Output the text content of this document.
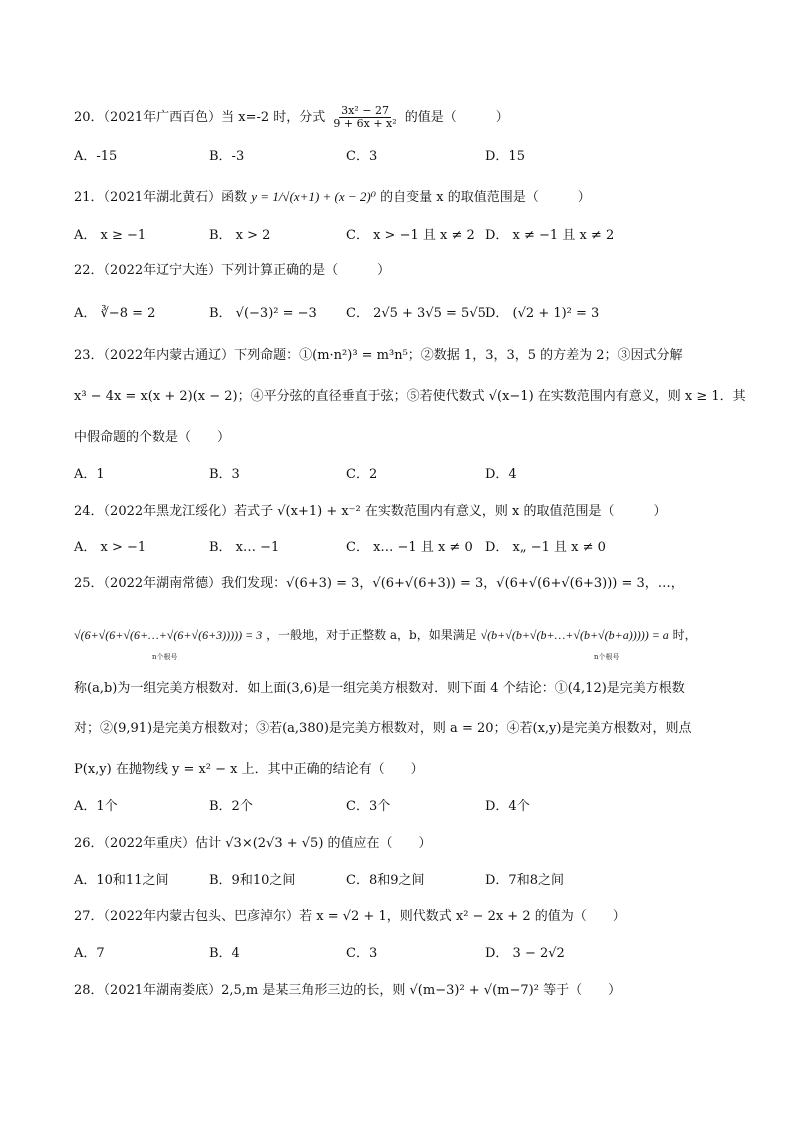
20．（2021年广西百色）当 x=-2 时，分式 $\frac{\text{3x² − 27}}{\text{9 + 6x + x²}}$ 的值是（　　　）
A．-15	B．-3	C．3	D．15
21．（2021年湖北黄石）函数 y = 1/√(x+1) + (x − 2)⁰ 的自变量 x 的取值范围是（　　　）
A． x ≥ −1	B． x > 2	C． x > −1 且 x ≠ 2 D． x ≠ −1 且 x ≠ 2
22．（2022年辽宁大连）下列计算正确的是（　　　）
A． ∛−8 = 2	B． √(−3)² = −3 C． 2√5 + 3√5 = 5√5 D． (√2 + 1)² = 3
23．（2022年内蒙古通辽）下列命题：①(m·n²)³ = m³n⁵；②数据 1，3，3，5 的方差为 2；③因式分解
x³ − 4x = x(x + 2)(x − 2)；④平分弦的直径垂直于弦；⑤若使代数式 √(x−1) 在实数范围内有意义，则 x ≥ 1．其
中假命题的个数是（　　）
A．1	B．3	C．2	D．4
24．（2022年黑龙江绥化）若式子 √(x+1) + x⁻² 在实数范围内有意义，则 x 的取值范围是（　　　）
A． x > −1	B． x… −1	C． x… −1 且 x ≠ 0 D． x„ −1 且 x ≠ 0
25．（2022年湖南常德）我们发现：√(6+3) = 3，√(6+√(6+3)) = 3，√(6+√(6+√(6+3))) = 3，…，
√(6+√(6+√(6+…+√(6+√(6+3))))) = 3 ，一般地，对于正整数 a，b，如果满足 √(b+√(b+√(b+…+√(b+√(b+a))))) = a 时，
n个根号	n个根号
称(a,b)为一组完美方根数对．如上面(3,6)是一组完美方根数对．则下面 4 个结论：①(4,12)是完美方根数
对；②(9,91)是完美方根数对；③若(a,380)是完美方根数对，则 a = 20；④若(x,y)是完美方根数对，则点
P(x,y) 在抛物线 y = x² − x 上．其中正确的结论有（　　）
A．1个	B．2个	C．3个	D．4个
26．（2022年重庆）估计 √3×(2√3 + √5) 的值应在（　　）
A．10和11之间	B．9和10之间	C．8和9之间	D．7和8之间
27．（2022年内蒙古包头、巴彦淖尔）若 x = √2 + 1，则代数式 x² − 2x + 2 的值为（　　）
A．7	B．4	C．3	D． 3 − 2√2
28．（2021年湖南娄底）2,5,m 是某三角形三边的长，则 √(m−3)² + √(m−7)² 等于（　　）
